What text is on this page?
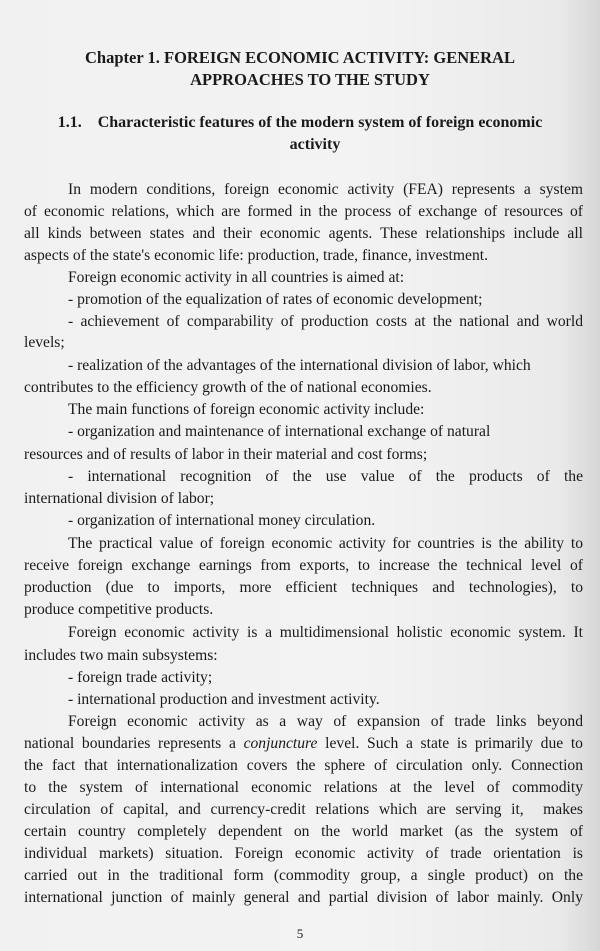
Chapter 1. FOREIGN ECONOMIC ACTIVITY: GENERAL
APPROACHES TO THE STUDY
1.1.    Characteristic features of the modern system of foreign economic
activity
In modern conditions, foreign economic activity (FEA) represents a system
of economic relations, which are formed in the process of exchange of resources of
all kinds between states and their economic agents. These relationships include all
aspects of the state's economic life: production, trade, finance, investment.
Foreign economic activity in all countries is aimed at:
- promotion of the equalization of rates of economic development;
- achievement of comparability of production costs at the national and world
levels;
- realization of the advantages of the international division of labor, which
contributes to the efficiency growth of the of national economies.
The main functions of foreign economic activity include:
- organization and maintenance of international exchange of natural
resources and of results of labor in their material and cost forms;
- international recognition of the use value of the products of the
international division of labor;
- organization of international money circulation.
The practical value of foreign economic activity for countries is the ability to
receive foreign exchange earnings from exports, to increase the technical level of
production (due to imports, more efficient techniques and technologies), to
produce competitive products.
Foreign economic activity is a multidimensional holistic economic system. It
includes two main subsystems:
- foreign trade activity;
- international production and investment activity.
Foreign economic activity as a way of expansion of trade links beyond
national boundaries represents a conjuncture level. Such a state is primarily due to
the fact that internationalization covers the sphere of circulation only. Connection
to the system of international economic relations at the level of commodity
circulation of capital, and currency-credit relations which are serving it,  makes
certain country completely dependent on the world market (as the system of
individual markets) situation. Foreign economic activity of trade orientation is
carried out in the traditional form (commodity group, a single product) on the
international junction of mainly general and partial division of labor mainly. Only
5
